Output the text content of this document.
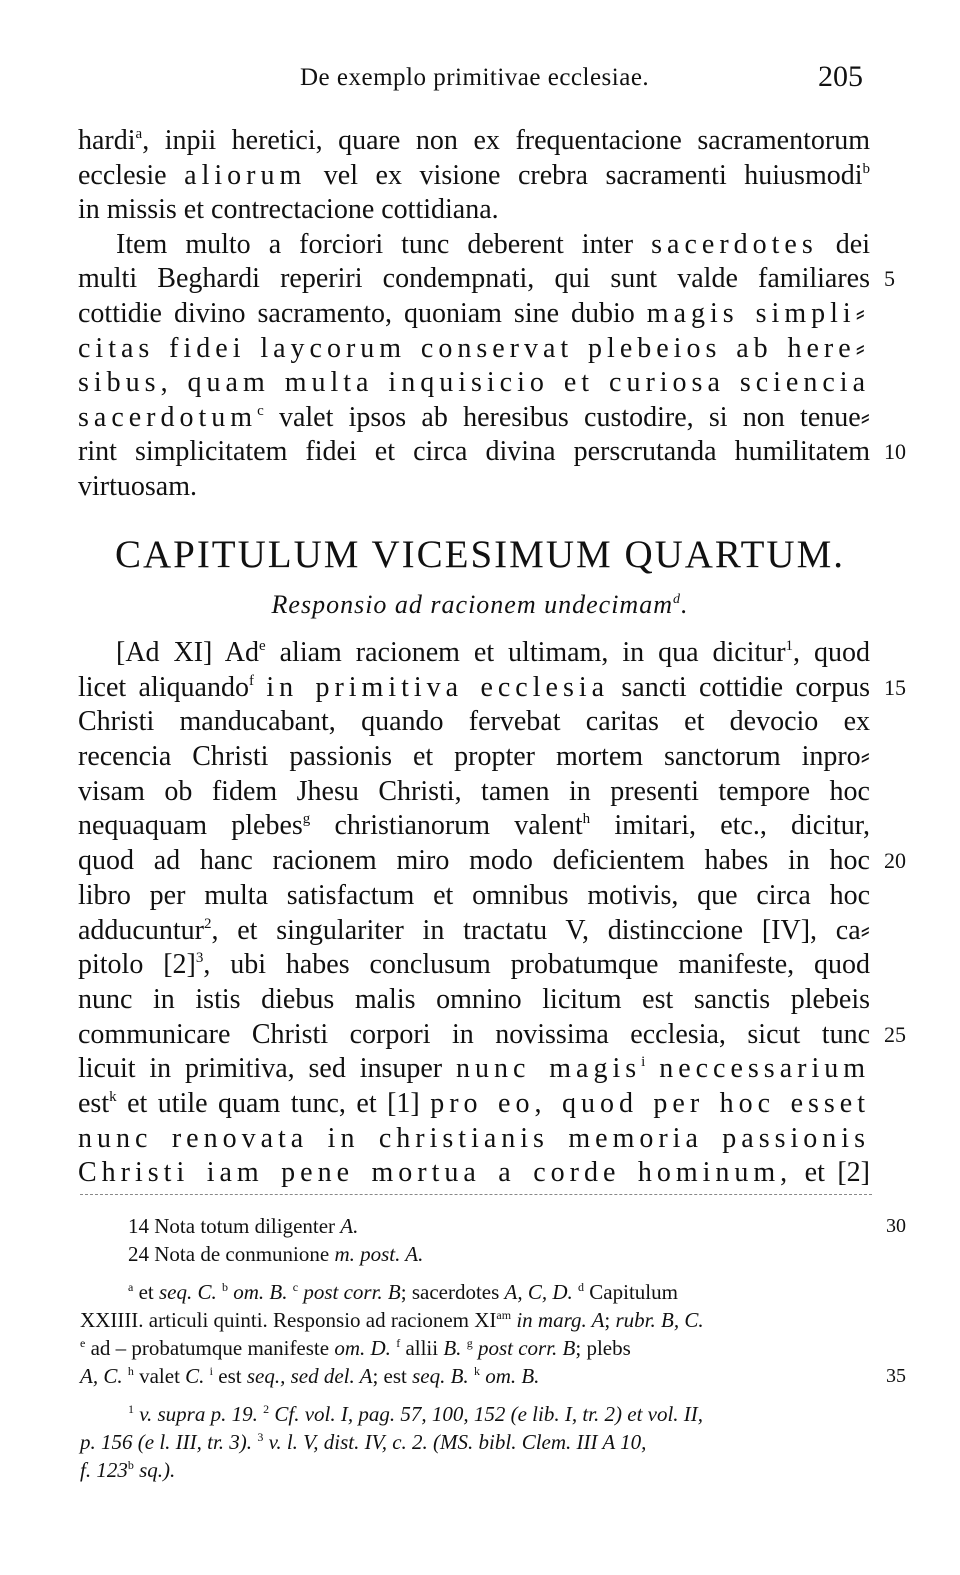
De exemplo primitivae ecclesiae.	205
hardi$^a$, inpii heretici, quare non ex frequentacione sacramentorum
ecclesie aliorum vel ex visione crebra sacramenti huiusmodi$^b$
in missis et contrectacione cottidiana.
Item multo a forciori tunc deberent inter sacerdotes dei
multi Beghardi reperiri condempnati, qui sunt valde familiares 5
cottidie divino sacramento, quoniam sine dubio magis simpli⸗
citas fidei laycorum conservat plebeios ab here⸗
sibus, quam multa inquisicio et curiosa sciencia
sacerdotum$^c$ valet ipsos ab heresibus custodire, si non tenue⸗
rint simplicitatem fidei et circa divina perscrutanda humilitatem 10
virtuosam.
CAPITULUM VICESIMUM QUARTUM.
Responsio ad racionem undecimam$^d$.
[Ad XI] Ad$^e$ aliam racionem et ultimam, in qua dicitur$^1$, quod
licet aliquando$^f$ in primitiva ecclesia sancti cottidie corpus 15
Christi manducabant, quando fervebat caritas et devocio ex
recencia Christi passionis et propter mortem sanctorum inpro⸗
visam ob fidem Jhesu Christi, tamen in presenti tempore hoc
nequaquam plebes$^g$ christianorum valent$^h$ imitari, etc., dicitur,
quod ad hanc racionem miro modo deficientem habes in hoc 20
libro per multa satisfactum et omnibus motivis, que circa hoc
adducuntur$^2$, et singulariter in tractatu V, distinccione [IV], ca⸗
pitolo $[2]^3$, ubi habes conclusum probatumque manifeste, quod
nunc in istis diebus malis omnino licitum est sanctis plebeis
communicare Christi corpori in novissima ecclesia, sicut tunc 25
licuit in primitiva, sed insuper nunc magis$^i$ neccessarium
est$^k$ et utile quam tunc, et [1] pro eo, quod per hoc esset
nunc renovata in christianis memoria passionis
Christi iam pene mortua a corde hominum, et [2]
14 Nota totum diligenter A.	30
24 Nota de conmunione m. post. A.
$^a$ et seq. C. $^b$ om. B. $^c$ post corr. B; sacerdotes A, C, D. $^d$ Capitulum
XXIIII. articuli quinti. Responsio ad racionem $XI^{am}$ in marg. A; rubr. B, C.
$^e$ ad – probatumque manifeste om. D. $^f$ allii B. $^g$ post corr. B; plebs
A, C. $^h$ valet C. $^i$ est seq., sed del. A; est seq. B. $^k$ om. B.	35
$^1$ v. supra p. 19. $^2$ Cf. vol. I, pag. 57, 100, 152 (e lib. I, tr. 2) et vol. II,
p. 156 (e l. III, tr. 3). $^3$ v. l. V, dist. IV, c. 2. (MS. bibl. Clem. III A 10,
f. 123$^b$ sq.).
